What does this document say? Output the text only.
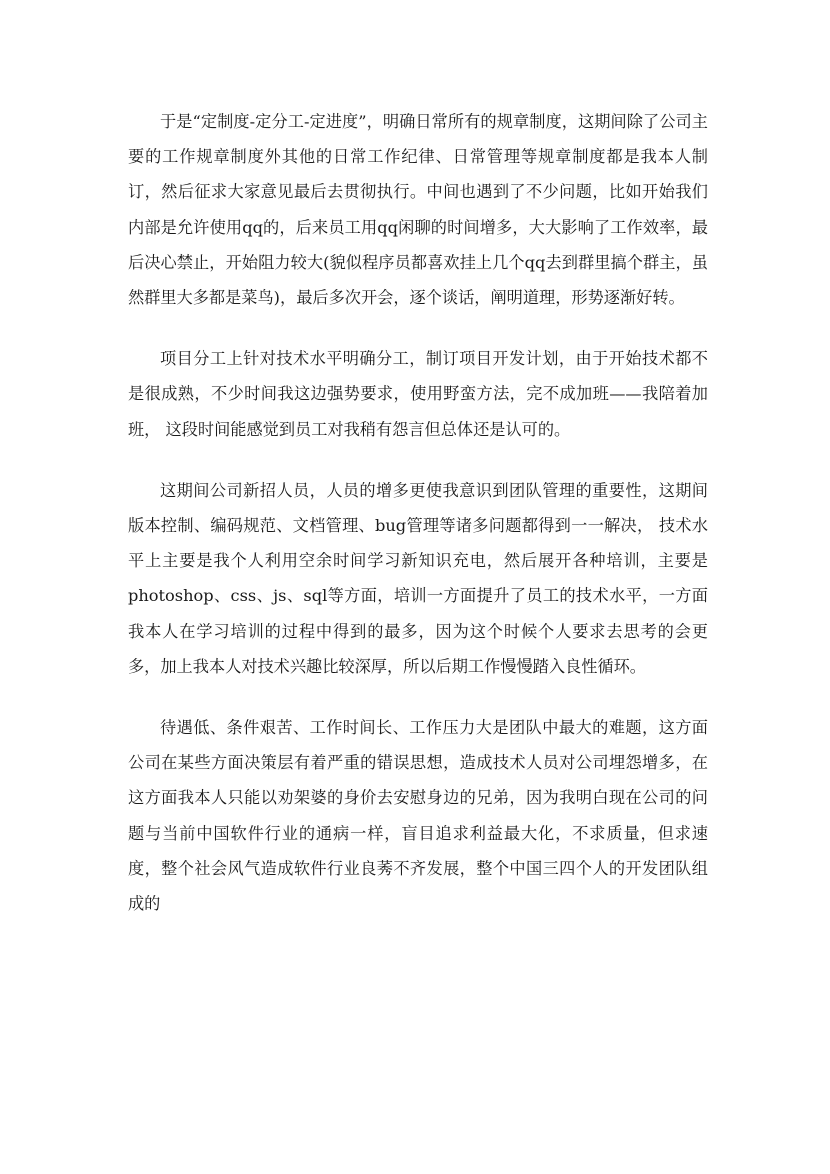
于是“定制度-定分工-定进度”，明确日常所有的规章制度，这期间除了公司主要的工作规章制度外其他的日常工作纪律、日常管理等规章制度都是我本人制订，然后征求大家意见最后去贯彻执行。中间也遇到了不少问题，比如开始我们内部是允许使用qq的，后来员工用qq闲聊的时间增多，大大影响了工作效率，最后决心禁止，开始阻力较大(貌似程序员都喜欢挂上几个qq去到群里搞个群主，虽然群里大多都是菜鸟)，最后多次开会，逐个谈话，阐明道理，形势逐渐好转。

项目分工上针对技术水平明确分工，制订项目开发计划，由于开始技术都不是很成熟，不少时间我这边强势要求，使用野蛮方法，完不成加班——我陪着加班， 这段时间能感觉到员工对我稍有怨言但总体还是认可的。

这期间公司新招人员，人员的增多更使我意识到团队管理的重要性，这期间版本控制、编码规范、文档管理、bug管理等诸多问题都得到一一解决， 技术水平上主要是我个人利用空余时间学习新知识充电，然后展开各种培训，主要是photoshop、css、js、sql等方面，培训一方面提升了员工的技术水平，一方面我本人在学习培训的过程中得到的最多，因为这个时候个人要求去思考的会更多，加上我本人对技术兴趣比较深厚，所以后期工作慢慢踏入良性循环。

待遇低、条件艰苦、工作时间长、工作压力大是团队中最大的难题，这方面公司在某些方面决策层有着严重的错误思想，造成技术人员对公司埋怨增多，在这方面我本人只能以劝架婆的身价去安慰身边的兄弟，因为我明白现在公司的问题与当前中国软件行业的通病一样，盲目追求利益最大化，不求质量，但求速度，整个社会风气造成软件行业良莠不齐发展，整个中国三四个人的开发团队组成的
